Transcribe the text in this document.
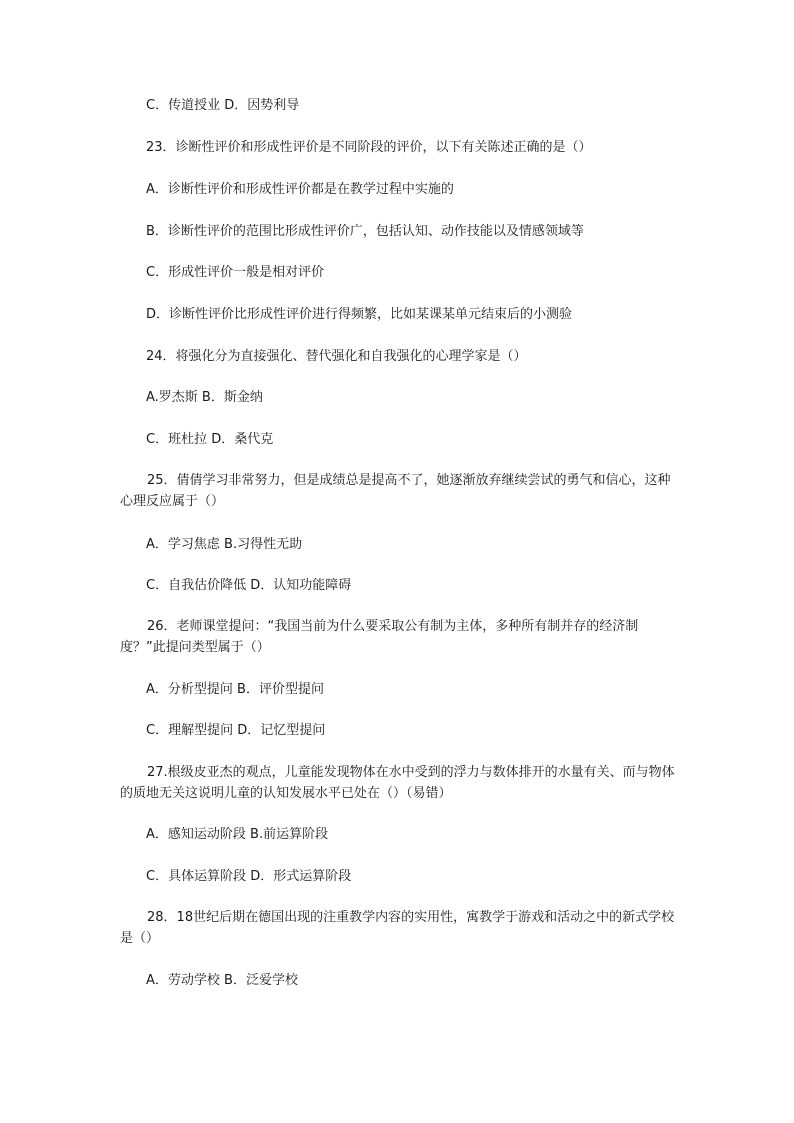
C．传道授业 D．因势利导
23．诊断性评价和形成性评价是不同阶段的评价，以下有关陈述正确的是（）
A．诊断性评价和形成性评价都是在教学过程中实施的
B．诊断性评价的范围比形成性评价广，包括认知、动作技能以及情感领域等
C．形成性评价一般是相对评价
D．诊断性评价比形成性评价进行得频繁，比如某课某单元结束后的小测验
24．将强化分为直接强化、替代强化和自我强化的心理学家是（）
A.罗杰斯 B．斯金纳
C．班杜拉 D．桑代克
25．倩倩学习非常努力，但是成绩总是提高不了，她逐渐放弃继续尝试的勇气和信心，这种心理反应属于（）
A．学习焦虑 B.习得性无助
C．自我估价降低 D．认知功能障碍
26．老师课堂提问：“我国当前为什么要采取公有制为主体，多种所有制并存的经济制度？”此提问类型属于（）
A．分析型提问 B．评价型提问
C．理解型提问 D．记忆型提问
27.根级皮亚杰的观点，儿童能发现物体在水中受到的浮力与数体排开的水量有关、而与物体的质地无关这说明儿童的认知发展水平已处在（）（易错）
A．感知运动阶段 B.前运算阶段
C．具体运算阶段 D．形式运算阶段
28．18世纪后期在德国出现的注重教学内容的实用性，寓教学于游戏和活动之中的新式学校是（）
A．劳动学校 B．泛爱学校
